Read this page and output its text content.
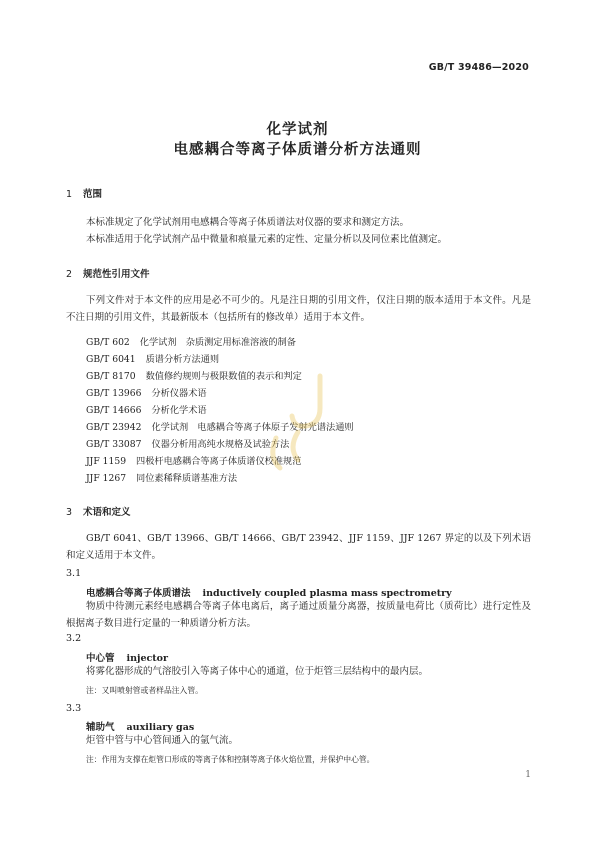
GB/T 39486—2020
化学试剂
电感耦合等离子体质谱分析方法通则
1 范围
本标准规定了化学试剂用电感耦合等离子体质谱法对仪器的要求和测定方法。
本标准适用于化学试剂产品中微量和痕量元素的定性、定量分析以及同位素比值测定。
2 规范性引用文件
下列文件对于本文件的应用是必不可少的。凡是注日期的引用文件，仅注日期的版本适用于本文件。凡是不注日期的引用文件，其最新版本（包括所有的修改单）适用于本文件。
GB/T 602 化学试剂　杂质测定用标准溶液的制备
GB/T 6041 质谱分析方法通则
GB/T 8170 数值修约规则与极限数值的表示和判定
GB/T 13966 分析仪器术语
GB/T 14666 分析化学术语
GB/T 23942 化学试剂　电感耦合等离子体原子发射光谱法通则
GB/T 33087 仪器分析用高纯水规格及试验方法
JJF 1159 四极杆电感耦合等离子体质谱仪校准规范
JJF 1267 同位素稀释质谱基准方法
3 术语和定义
GB/T 6041、GB/T 13966、GB/T 14666、GB/T 23942、JJF 1159、JJF 1267 界定的以及下列术语和定义适用于本文件。
3.1
电感耦合等离子体质谱法 inductively coupled plasma mass spectrometry
物质中待测元素经电感耦合等离子体电离后，离子通过质量分离器，按质量电荷比（质荷比）进行定性及根据离子数目进行定量的一种质谱分析方法。
3.2
中心管 injector
将雾化器形成的气溶胶引入等离子体中心的通道，位于炬管三层结构中的最内层。
注：又叫喷射管或者样品注入管。
3.3
辅助气 auxiliary gas
炬管中管与中心管间通入的氩气流。
注：作用为支撑在炬管口形成的等离子体和控制等离子体火焰位置，并保护中心管。
1
